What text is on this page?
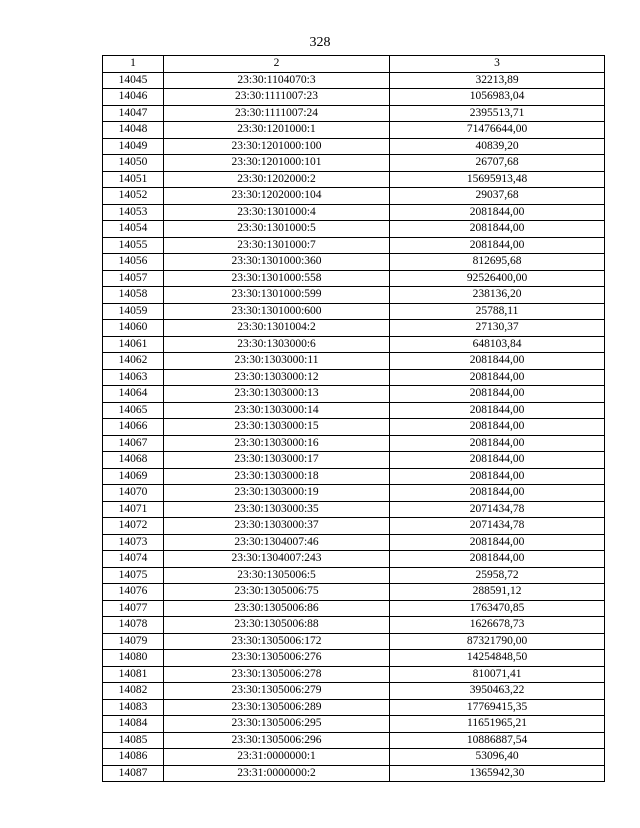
328
1	2	3
14045	23:30:1104070:3	32213,89
14046	23:30:1111007:23	1056983,04
14047	23:30:1111007:24	2395513,71
14048	23:30:1201000:1	71476644,00
14049	23:30:1201000:100	40839,20
14050	23:30:1201000:101	26707,68
14051	23:30:1202000:2	15695913,48
14052	23:30:1202000:104	29037,68
14053	23:30:1301000:4	2081844,00
14054	23:30:1301000:5	2081844,00
14055	23:30:1301000:7	2081844,00
14056	23:30:1301000:360	812695,68
14057	23:30:1301000:558	92526400,00
14058	23:30:1301000:599	238136,20
14059	23:30:1301000:600	25788,11
14060	23:30:1301004:2	27130,37
14061	23:30:1303000:6	648103,84
14062	23:30:1303000:11	2081844,00
14063	23:30:1303000:12	2081844,00
14064	23:30:1303000:13	2081844,00
14065	23:30:1303000:14	2081844,00
14066	23:30:1303000:15	2081844,00
14067	23:30:1303000:16	2081844,00
14068	23:30:1303000:17	2081844,00
14069	23:30:1303000:18	2081844,00
14070	23:30:1303000:19	2081844,00
14071	23:30:1303000:35	2071434,78
14072	23:30:1303000:37	2071434,78
14073	23:30:1304007:46	2081844,00
14074	23:30:1304007:243	2081844,00
14075	23:30:1305006:5	25958,72
14076	23:30:1305006:75	288591,12
14077	23:30:1305006:86	1763470,85
14078	23:30:1305006:88	1626678,73
14079	23:30:1305006:172	87321790,00
14080	23:30:1305006:276	14254848,50
14081	23:30:1305006:278	810071,41
14082	23:30:1305006:279	3950463,22
14083	23:30:1305006:289	17769415,35
14084	23:30:1305006:295	11651965,21
14085	23:30:1305006:296	10886887,54
14086	23:31:0000000:1	53096,40
14087	23:31:0000000:2	1365942,30
